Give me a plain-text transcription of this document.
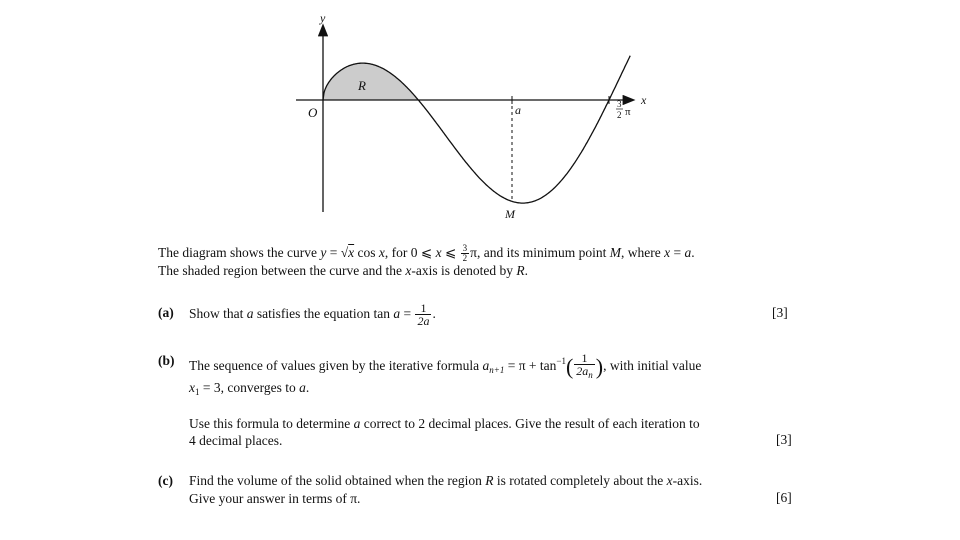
y
x
O
R
a
M
3
2 π
The diagram shows the curve y = √x cos x, for 0 ⩽ x ⩽ $\frac{3}{2} \pi$, and its minimum point M, where x = a.
The shaded region between the curve and the x-axis is denoted by R.
(a) Show that a satisfies the equation $\tan a = \frac{1}{2a}$ .	[3]
(b) The sequence of values given by the iterative formula $a_{n+1} = \pi + \tan^{-1}( \frac{1}{2a_n}$ ), with initial value
$x_1 = 3$, converges to a.
Use this formula to determine a correct to 2 decimal places. Give the result of each iteration to
4 decimal places.	[3]
(c) Find the volume of the solid obtained when the region R is rotated completely about the x-axis.
Give your answer in terms of π.	[6]
